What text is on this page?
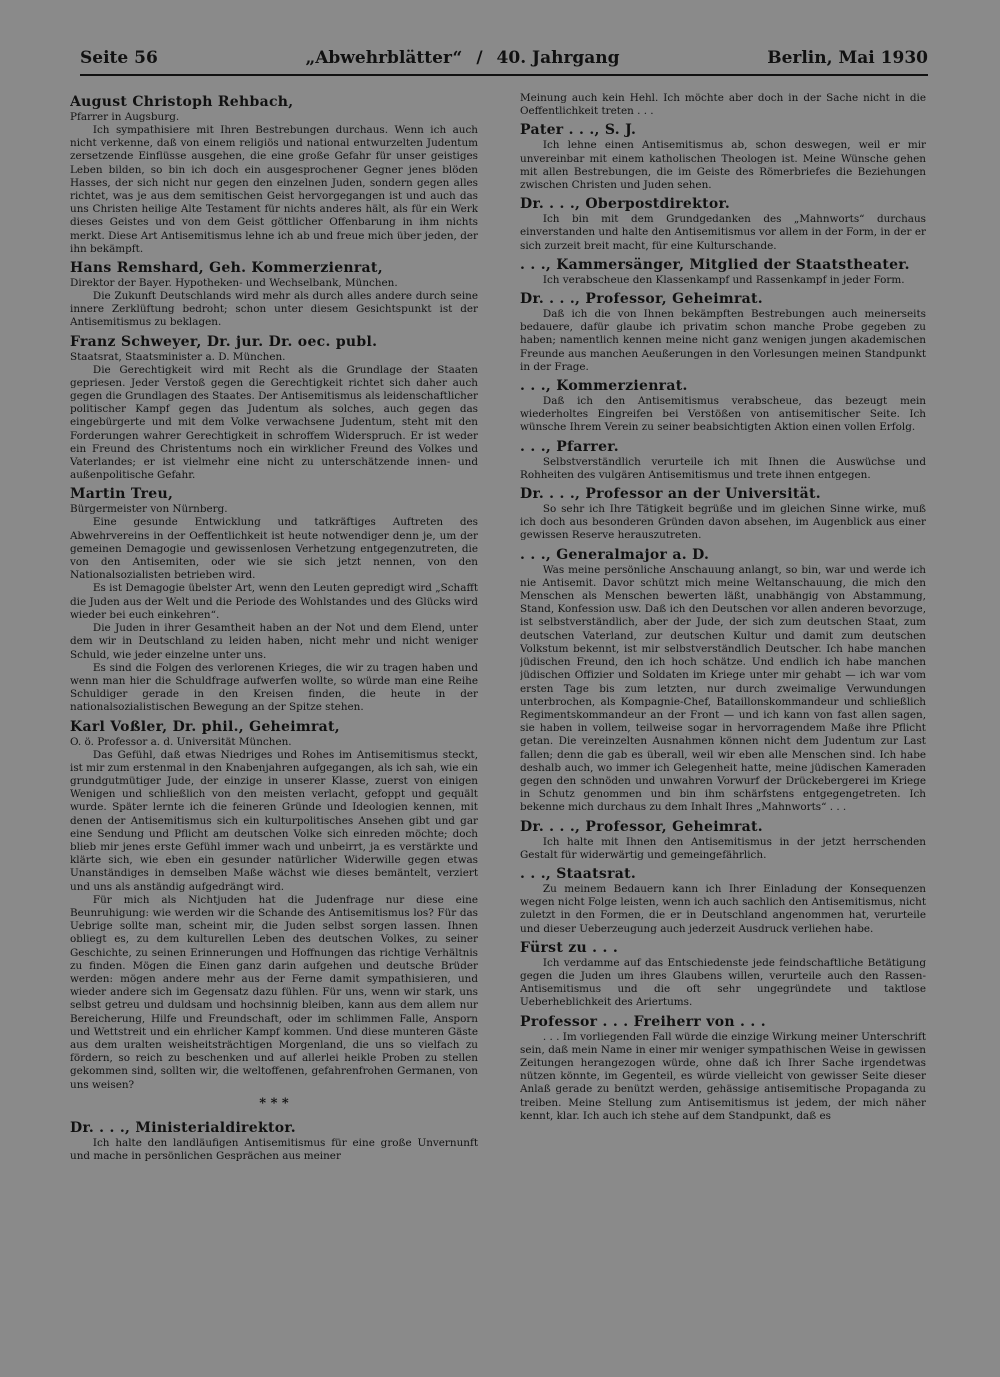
Seite 56	„Abwehrblätter“ / 40. Jahrgang	Berlin, Mai 1930
August Christoph Rehbach,
Pfarrer in Augsburg.

Ich sympathisiere mit Ihren Bestrebungen durchaus. Wenn ich auch nicht verkenne, daß von einem religiös und national entwurzelten Judentum zersetzende Einflüsse ausgehen, die eine große Gefahr für unser geistiges Leben bilden, so bin ich doch ein ausgesprochener Gegner jenes blöden Hasses, der sich nicht nur gegen den einzelnen Juden, sondern gegen alles richtet, was je aus dem semitischen Geist hervorgegangen ist und auch das uns Christen heilige Alte Testament für nichts anderes hält, als für ein Werk dieses Geistes und von dem Geist göttlicher Offenbarung in ihm nichts merkt. Diese Art Antisemitismus lehne ich ab und freue mich über jeden, der ihn bekämpft.

Hans Remshard, Geh. Kommerzienrat,
Direktor der Bayer. Hypotheken- und Wechselbank, München.

Die Zukunft Deutschlands wird mehr als durch alles andere durch seine innere Zerklüftung bedroht; schon unter diesem Gesichtspunkt ist der Antisemitismus zu beklagen.

Franz Schweyer, Dr. jur. Dr. oec. publ.
Staatsrat, Staatsminister a. D. München.

Die Gerechtigkeit wird mit Recht als die Grundlage der Staaten gepriesen. Jeder Verstoß gegen die Gerechtigkeit richtet sich daher auch gegen die Grundlagen des Staates. Der Antisemitismus als leidenschaftlicher politischer Kampf gegen das Judentum als solches, auch gegen das eingebürgerte und mit dem Volke verwachsene Judentum, steht mit den Forderungen wahrer Gerechtigkeit in schroffem Widerspruch. Er ist weder ein Freund des Christentums noch ein wirklicher Freund des Volkes und Vaterlandes; er ist vielmehr eine nicht zu unterschätzende innen- und außenpolitische Gefahr.

Martin Treu,
Bürgermeister von Nürnberg.

Eine gesunde Entwicklung und tatkräftiges Auftreten des Abwehrvereins in der Oeffentlichkeit ist heute notwendiger denn je, um der gemeinen Demagogie und gewissenlosen Verhetzung entgegenzutreten, die von den Antisemiten, oder wie sie sich jetzt nennen, von den Nationalsozialisten betrieben wird.

Es ist Demagogie übelster Art, wenn den Leuten gepredigt wird „Schafft die Juden aus der Welt und die Periode des Wohlstandes und des Glücks wird wieder bei euch einkehren“.

Die Juden in ihrer Gesamtheit haben an der Not und dem Elend, unter dem wir in Deutschland zu leiden haben, nicht mehr und nicht weniger Schuld, wie jeder einzelne unter uns.

Es sind die Folgen des verlorenen Krieges, die wir zu tragen haben und wenn man hier die Schuldfrage aufwerfen wollte, so würde man eine Reihe Schuldiger gerade in den Kreisen finden, die heute in der nationalsozialistischen Bewegung an der Spitze stehen.

Karl Voßler, Dr. phil., Geheimrat,
O. ö. Professor a. d. Universität München.

Das Gefühl, daß etwas Niedriges und Rohes im Antisemitismus steckt, ist mir zum erstenmal in den Knabenjahren aufgegangen, als ich sah, wie ein grundgutmütiger Jude, der einzige in unserer Klasse, zuerst von einigen Wenigen und schließlich von den meisten verlacht, gefoppt und gequält wurde. Später lernte ich die feineren Gründe und Ideologien kennen, mit denen der Antisemitismus sich ein kulturpolitisches Ansehen gibt und gar eine Sendung und Pflicht am deutschen Volke sich einreden möchte; doch blieb mir jenes erste Gefühl immer wach und unbeirrt, ja es verstärkte und klärte sich, wie eben ein gesunder natürlicher Widerwille gegen etwas Unanständiges in demselben Maße wächst wie dieses bemäntelt, verziert und uns als anständig aufgedrängt wird.

Für mich als Nichtjuden hat die Judenfrage nur diese eine Beunruhigung: wie werden wir die Schande des Antisemitismus los? Für das Uebrige sollte man, scheint mir, die Juden selbst sorgen lassen. Ihnen obliegt es, zu dem kulturellen Leben des deutschen Volkes, zu seiner Geschichte, zu seinen Erinnerungen und Hoffnungen das richtige Verhältnis zu finden. Mögen die Einen ganz darin aufgehen und deutsche Brüder werden: mögen andere mehr aus der Ferne damit sympathisieren, und wieder andere sich im Gegensatz dazu fühlen. Für uns, wenn wir stark, uns selbst getreu und duldsam und hochsinnig bleiben, kann aus dem allem nur Bereicherung, Hilfe und Freundschaft, oder im schlimmen Falle, Ansporn und Wettstreit und ein ehrlicher Kampf kommen. Und diese munteren Gäste aus dem uralten weisheitsträchtigen Morgenland, die uns so vielfach zu fördern, so reich zu beschenken und auf allerlei heikle Proben zu stellen gekommen sind, sollten wir, die weltoffenen, gefahrenfrohen Germanen, von uns weisen?

* * *
Dr. . . ., Ministerialdirektor.

Ich halte den landläufigen Antisemitismus für eine große Unvernunft und mache in persönlichen Gesprächen aus meiner

Meinung auch kein Hehl. Ich möchte aber doch in der Sache nicht in die Oeffentlichkeit treten . . .

Pater . . ., S. J.

Ich lehne einen Antisemitismus ab, schon deswegen, weil er mir unvereinbar mit einem katholischen Theologen ist. Meine Wünsche gehen mit allen Bestrebungen, die im Geiste des Römerbriefes die Beziehungen zwischen Christen und Juden sehen.

Dr. . . ., Oberpostdirektor.

Ich bin mit dem Grundgedanken des „Mahnworts“ durchaus einverstanden und halte den Antisemitismus vor allem in der Form, in der er sich zurzeit breit macht, für eine Kulturschande.

. . ., Kammersänger, Mitglied der Staatstheater.

Ich verabscheue den Klassenkampf und Rassenkampf in jeder Form.

Dr. . . ., Professor, Geheimrat.

Daß ich die von Ihnen bekämpften Bestrebungen auch meinerseits bedauere, dafür glaube ich privatim schon manche Probe gegeben zu haben; namentlich kennen meine nicht ganz wenigen jungen akademischen Freunde aus manchen Aeußerungen in den Vorlesungen meinen Standpunkt in der Frage.

. . ., Kommerzienrat.

Daß ich den Antisemitismus verabscheue, das bezeugt mein wiederholtes Eingreifen bei Verstößen von antisemitischer Seite. Ich wünsche Ihrem Verein zu seiner beabsichtigten Aktion einen vollen Erfolg.

. . ., Pfarrer.

Selbstverständlich verurteile ich mit Ihnen die Auswüchse und Rohheiten des vulgären Antisemitismus und trete ihnen entgegen.

Dr. . . ., Professor an der Universität.

So sehr ich Ihre Tätigkeit begrüße und im gleichen Sinne wirke, muß ich doch aus besonderen Gründen davon absehen, im Augenblick aus einer gewissen Reserve herauszutreten.

. . ., Generalmajor a. D.

Was meine persönliche Anschauung anlangt, so bin, war und werde ich nie Antisemit. Davor schützt mich meine Weltanschauung, die mich den Menschen als Menschen bewerten läßt, unabhängig von Abstammung, Stand, Konfession usw. Daß ich den Deutschen vor allen anderen bevorzuge, ist selbstverständlich, aber der Jude, der sich zum deutschen Staat, zum deutschen Vaterland, zur deutschen Kultur und damit zum deutschen Volkstum bekennt, ist mir selbstverständlich Deutscher. Ich habe manchen jüdischen Freund, den ich hoch schätze. Und endlich ich habe manchen jüdischen Offizier und Soldaten im Kriege unter mir gehabt — ich war vom ersten Tage bis zum letzten, nur durch zweimalige Verwundungen unterbrochen, als Kompagnie-Chef, Bataillonskommandeur und schließlich Regimentskommandeur an der Front — und ich kann von fast allen sagen, sie haben in vollem, teilweise sogar in hervorragendem Maße ihre Pflicht getan. Die vereinzelten Ausnahmen können nicht dem Judentum zur Last fallen; denn die gab es überall, weil wir eben alle Menschen sind. Ich habe deshalb auch, wo immer ich Gelegenheit hatte, meine jüdischen Kameraden gegen den schnöden und unwahren Vorwurf der Drückebergerei im Kriege in Schutz genommen und bin ihm schärfstens entgegengetreten. Ich bekenne mich durchaus zu dem Inhalt Ihres „Mahnworts“ . . .

Dr. . . ., Professor, Geheimrat.

Ich halte mit Ihnen den Antisemitismus in der jetzt herrschenden Gestalt für widerwärtig und gemeingefährlich.

. . ., Staatsrat.

Zu meinem Bedauern kann ich Ihrer Einladung der Konsequenzen wegen nicht Folge leisten, wenn ich auch sachlich den Antisemitismus, nicht zuletzt in den Formen, die er in Deutschland angenommen hat, verurteile und dieser Ueberzeugung auch jederzeit Ausdruck verliehen habe.

Fürst zu . . .

Ich verdamme auf das Entschiedenste jede feindschaftliche Betätigung gegen die Juden um ihres Glaubens willen, verurteile auch den Rassen-Antisemitismus und die oft sehr ungegründete und taktlose Ueberheblichkeit des Ariertums.

Professor . . . Freiherr von . . .

. . . Im vorliegenden Fall würde die einzige Wirkung meiner Unterschrift sein, daß mein Name in einer mir weniger sympathischen Weise in gewissen Zeitungen herangezogen würde, ohne daß ich Ihrer Sache irgendetwas nützen könnte, im Gegenteil, es würde vielleicht von gewisser Seite dieser Anlaß gerade zu benützt werden, gehässige antisemitische Propaganda zu treiben. Meine Stellung zum Antisemitismus ist jedem, der mich näher kennt, klar. Ich auch ich stehe auf dem Standpunkt, daß es
